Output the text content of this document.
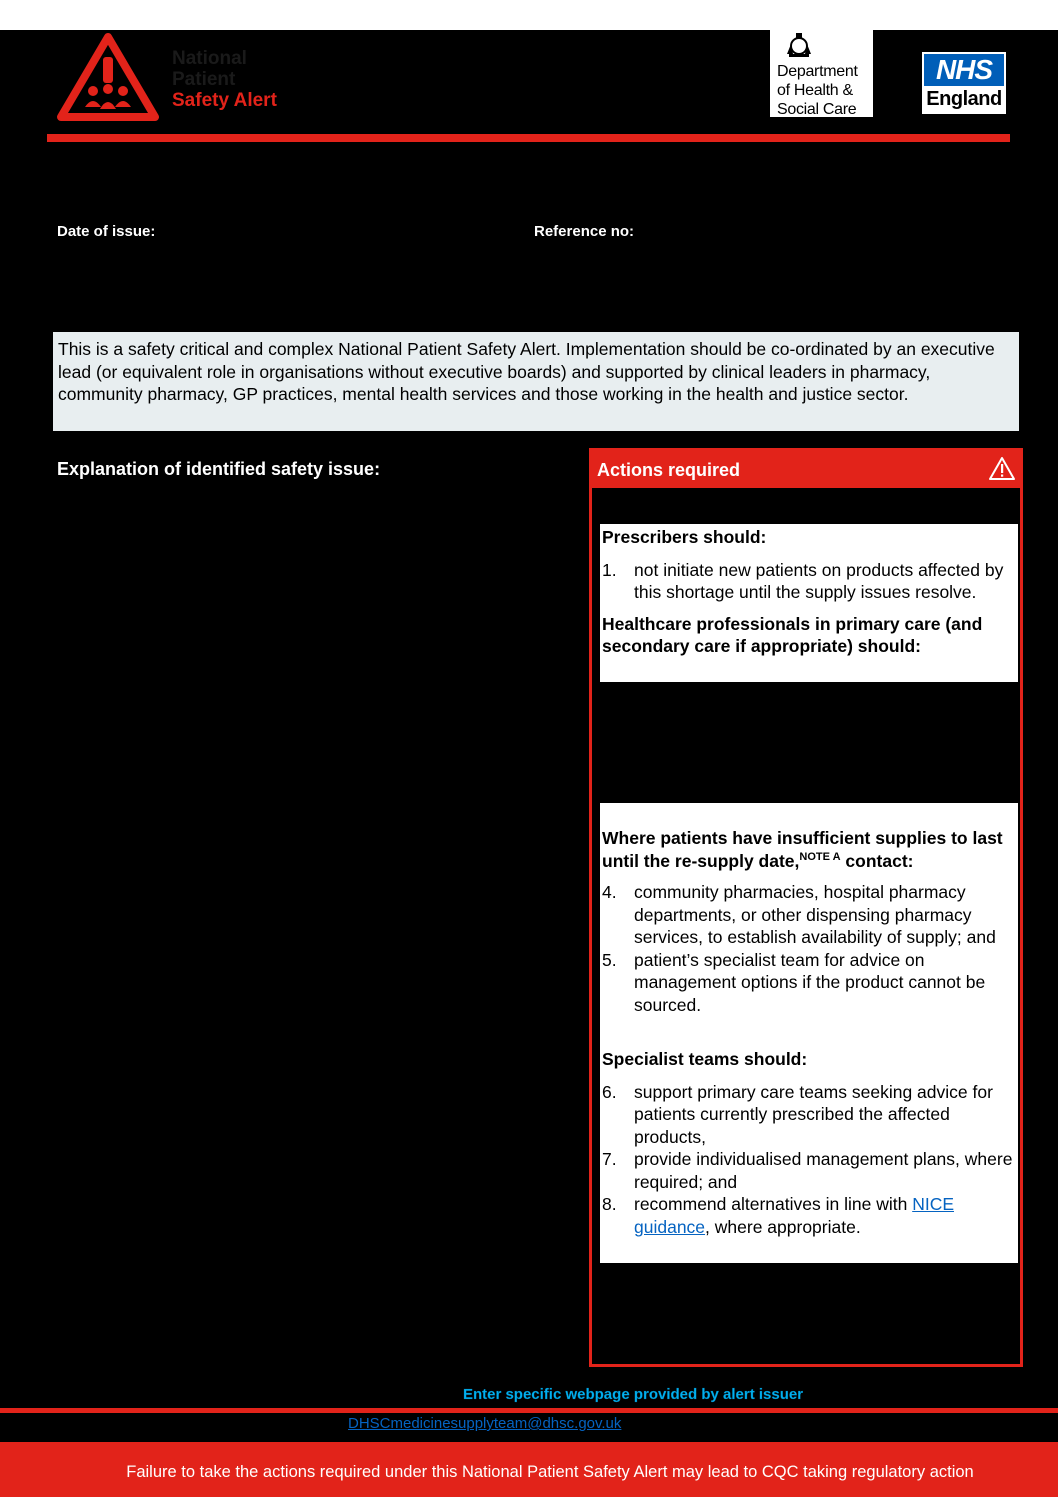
National
Patient
Safety Alert
Department
of Health &
Social Care
NHS
England
Date of issue:	Reference no:
This is a safety critical and complex National Patient Safety Alert. Implementation should be co-ordinated by an executive lead (or equivalent role in organisations without executive boards) and supported by clinical leaders in pharmacy, community pharmacy, GP practices, mental health services and those working in the health and justice sector.
Explanation of identified safety issue:	Actions required
Prescribers should:
1. not initiate new patients on products affected by this shortage until the supply issues resolve.
Healthcare professionals in primary care (and secondary care if appropriate) should:
Where patients have insufficient supplies to last until the re-supply date,$^{NOTE A}$ contact:
4. community pharmacies, hospital pharmacy departments, or other dispensing pharmacy services, to establish availability of supply; and
5. patient’s specialist team for advice on management options if the product cannot be sourced.
Specialist teams should:
6. support primary care teams seeking advice for patients currently prescribed the affected products,
7. provide individualised management plans, where required; and
8. recommend alternatives in line with NICE guidance, where appropriate.
Enter specific webpage provided by alert issuer
DHSCmedicinesupplyteam@dhsc.gov.uk
Failure to take the actions required under this National Patient Safety Alert may lead to CQC taking regulatory action
